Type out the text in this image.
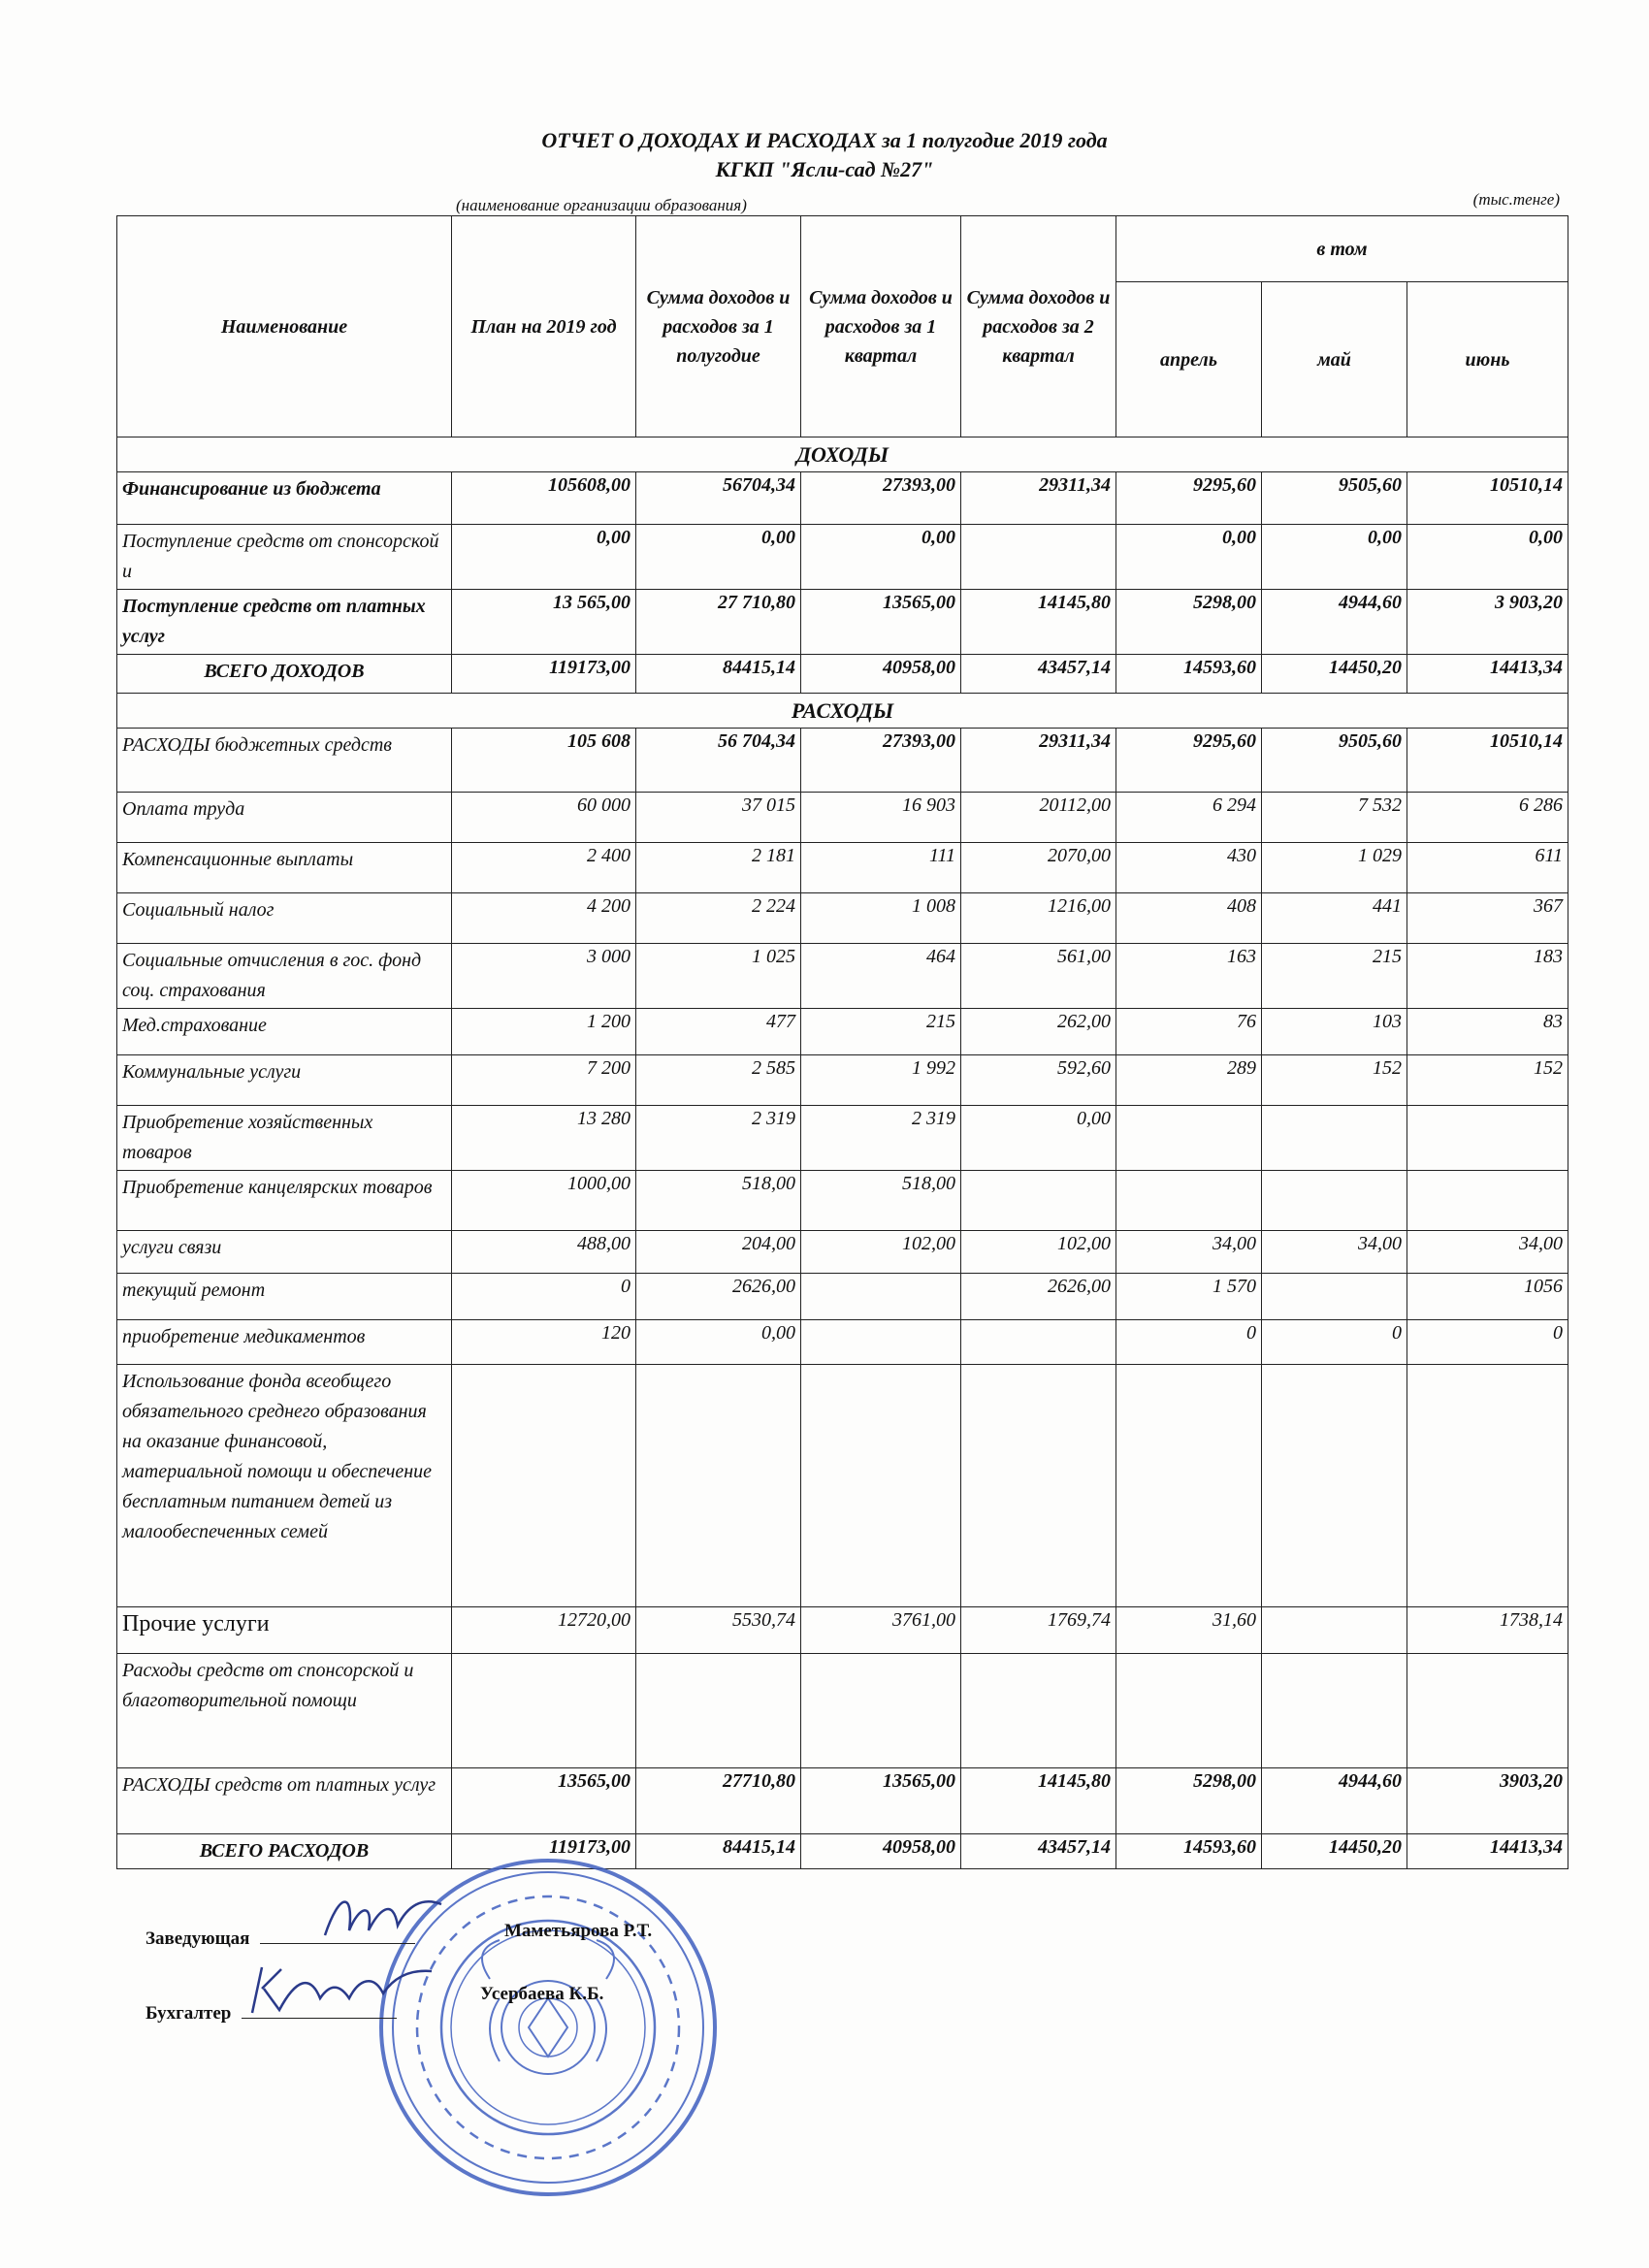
ОТЧЕТ О ДОХОДАХ И РАСХОДАХ за 1 полугодие 2019 года
КГКП "Ясли-сад №27"
(наименование организации образования)	(тыс.тенге)
Наименование	План на 2019 год	Сумма доходов и расходов за 1 полугодие	Сумма доходов и расходов за 1 квартал	Сумма доходов и расходов за 2 квартал	в том		
					апрель	май	июнь
ДОХОДЫ							
Финансирование из бюджета	105608,00	56704,34	27393,00	29311,34	9295,60	9505,60	10510,14
Поступление средств от спонсорской и	0,00	0,00	0,00		0,00	0,00	0,00
Поступление средств от платных услуг	13 565,00	27 710,80	13565,00	14145,80	5298,00	4944,60	3 903,20
ВСЕГО ДОХОДОВ	119173,00	84415,14	40958,00	43457,14	14593,60	14450,20	14413,34
РАСХОДЫ							
РАСХОДЫ бюджетных средств	105 608	56 704,34	27393,00	29311,34	9295,60	9505,60	10510,14
Оплата труда	60 000	37 015	16 903	20112,00	6 294	7 532	6 286
Компенсационные выплаты	2 400	2 181	111	2070,00	430	1 029	611
Социальный налог	4 200	2 224	1 008	1216,00	408	441	367
Социальные отчисления в гос. фонд соц. страхования	3 000	1 025	464	561,00	163	215	183
Мед.страхование	1 200	477	215	262,00	76	103	83
Коммунальные услуги	7 200	2 585	1 992	592,60	289	152	152
Приобретение хозяйственных товаров	13 280	2 319	2 319	0,00			
Приобретение канцелярских товаров	1000,00	518,00	518,00				
услуги связи	488,00	204,00	102,00	102,00	34,00	34,00	34,00
текущий ремонт	0	2626,00		2626,00	1 570		1056
приобретение медикаментов	120	0,00			0	0	0
Использование фонда всеобщего обязательного среднего образования на оказание финансовой, материальной помощи и обеспечение бесплатным питанием детей из малообеспеченных семей							
Прочие услуги	12720,00	5530,74	3761,00	1769,74	31,60		1738,14
Расходы средств от спонсорской и благотворительной помощи							
РАСХОДЫ средств от платных услуг	13565,00	27710,80	13565,00	14145,80	5298,00	4944,60	3903,20
ВСЕГО РАСХОДОВ	119173,00	84415,14	40958,00	43457,14	14593,60	14450,20	14413,34
Заведующая	Маметьярова Р.Т.
Бухгалтер
Усербаева К.Б.
